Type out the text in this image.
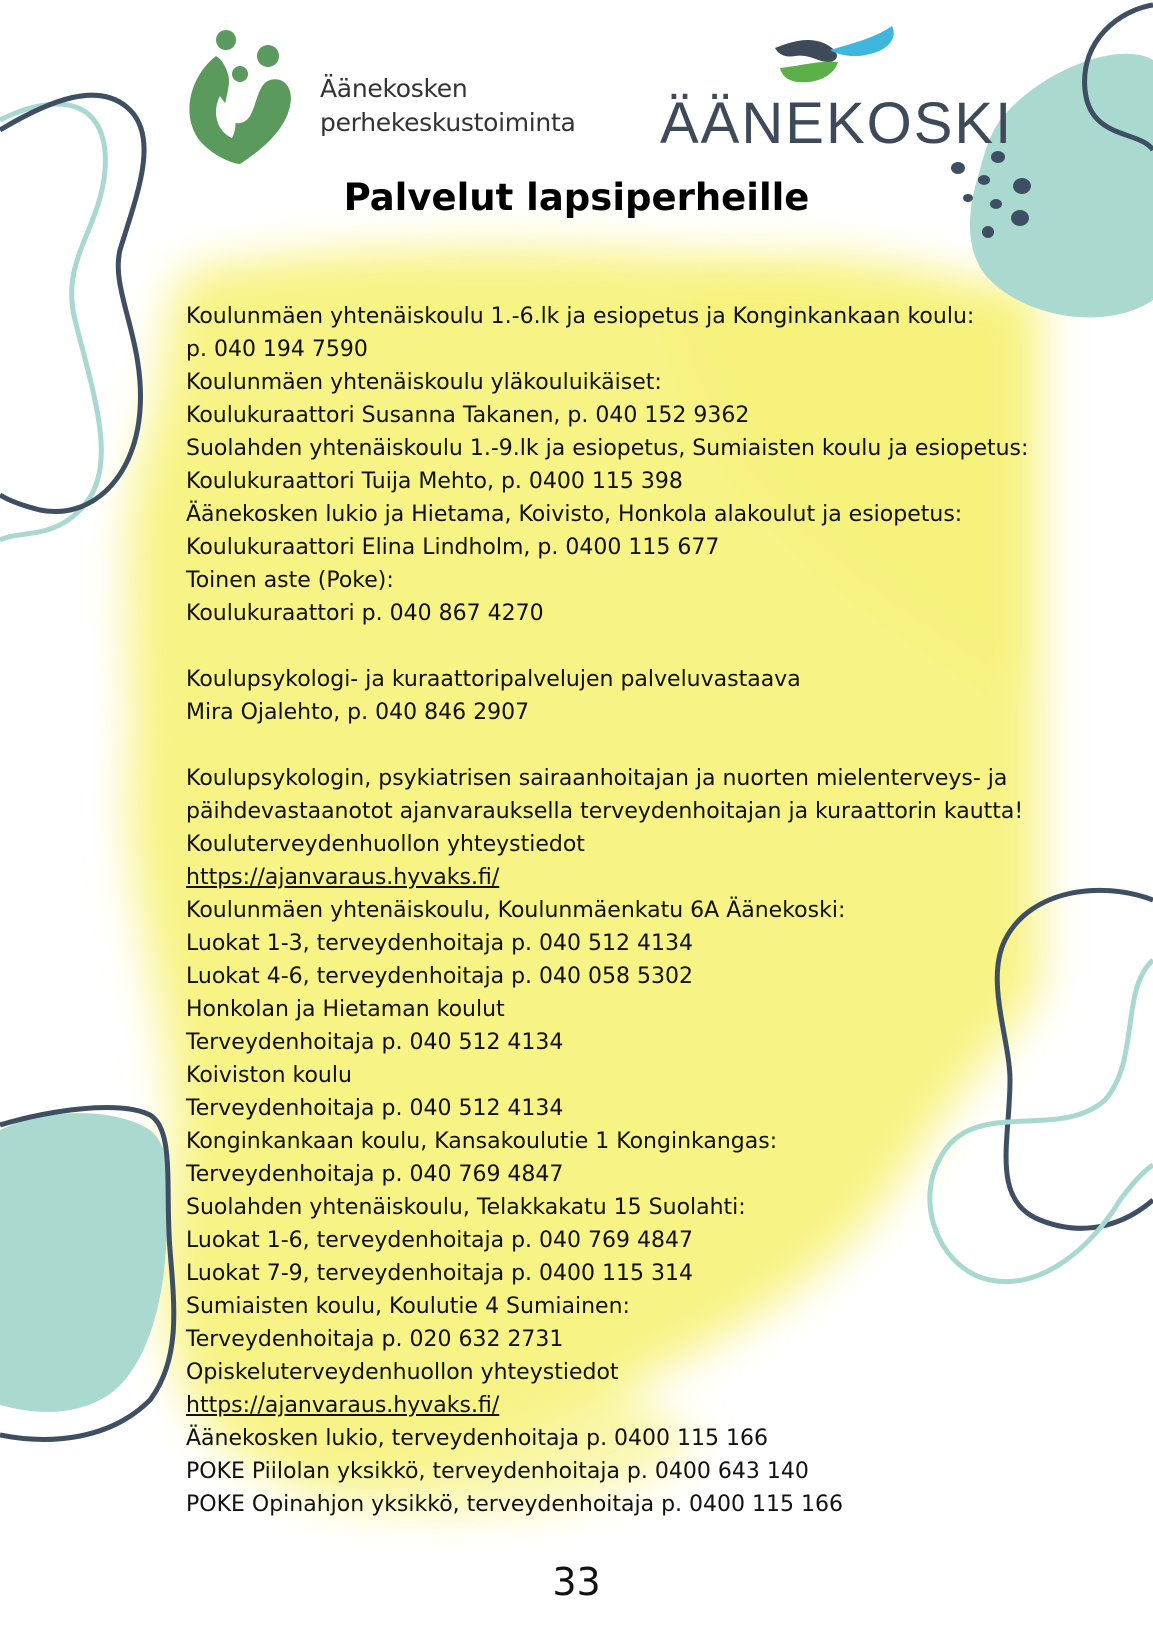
Äänekosken
perhekeskustoiminta ÄÄNEKOSKI
Palvelut lapsiperheille
Koulunmäen yhtenäiskoulu 1.-6.lk ja esiopetus ja Konginkankaan koulu:
p. 040 194 7590
Koulunmäen yhtenäiskoulu yläkouluikäiset:
Koulukuraattori Susanna Takanen, p. 040 152 9362
Suolahden yhtenäiskoulu 1.-9.lk ja esiopetus, Sumiaisten koulu ja esiopetus:
Koulukuraattori Tuija Mehto, p. 0400 115 398
Äänekosken lukio ja Hietama, Koivisto, Honkola alakoulut ja esiopetus:
Koulukuraattori Elina Lindholm, p. 0400 115 677
Toinen aste (Poke):
Koulukuraattori p. 040 867 4270
Koulupsykologi- ja kuraattoripalvelujen palveluvastaava
Mira Ojalehto, p. 040 846 2907
Koulupsykologin, psykiatrisen sairaanhoitajan ja nuorten mielenterveys- ja
päihdevastaanotot ajanvarauksella terveydenhoitajan ja kuraattorin kautta!
Kouluterveydenhuollon yhteystiedot
https://ajanvaraus.hyvaks.fi/
Koulunmäen yhtenäiskoulu, Koulunmäenkatu 6A Äänekoski:
Luokat 1-3, terveydenhoitaja p. 040 512 4134
Luokat 4-6, terveydenhoitaja p. 040 058 5302
Honkolan ja Hietaman koulut
Terveydenhoitaja p. 040 512 4134
Koiviston koulu
Terveydenhoitaja p. 040 512 4134
Konginkankaan koulu, Kansakoulutie 1 Konginkangas:
Terveydenhoitaja p. 040 769 4847
Suolahden yhtenäiskoulu, Telakkakatu 15 Suolahti:
Luokat 1-6, terveydenhoitaja p. 040 769 4847
Luokat 7-9, terveydenhoitaja p. 0400 115 314
Sumiaisten koulu, Koulutie 4 Sumiainen:
Terveydenhoitaja p. 020 632 2731
Opiskeluterveydenhuollon yhteystiedot
https://ajanvaraus.hyvaks.fi/
Äänekosken lukio, terveydenhoitaja p. 0400 115 166
POKE Piilolan yksikkö, terveydenhoitaja p. 0400 643 140
POKE Opinahjon yksikkö, terveydenhoitaja p. 0400 115 166
33
